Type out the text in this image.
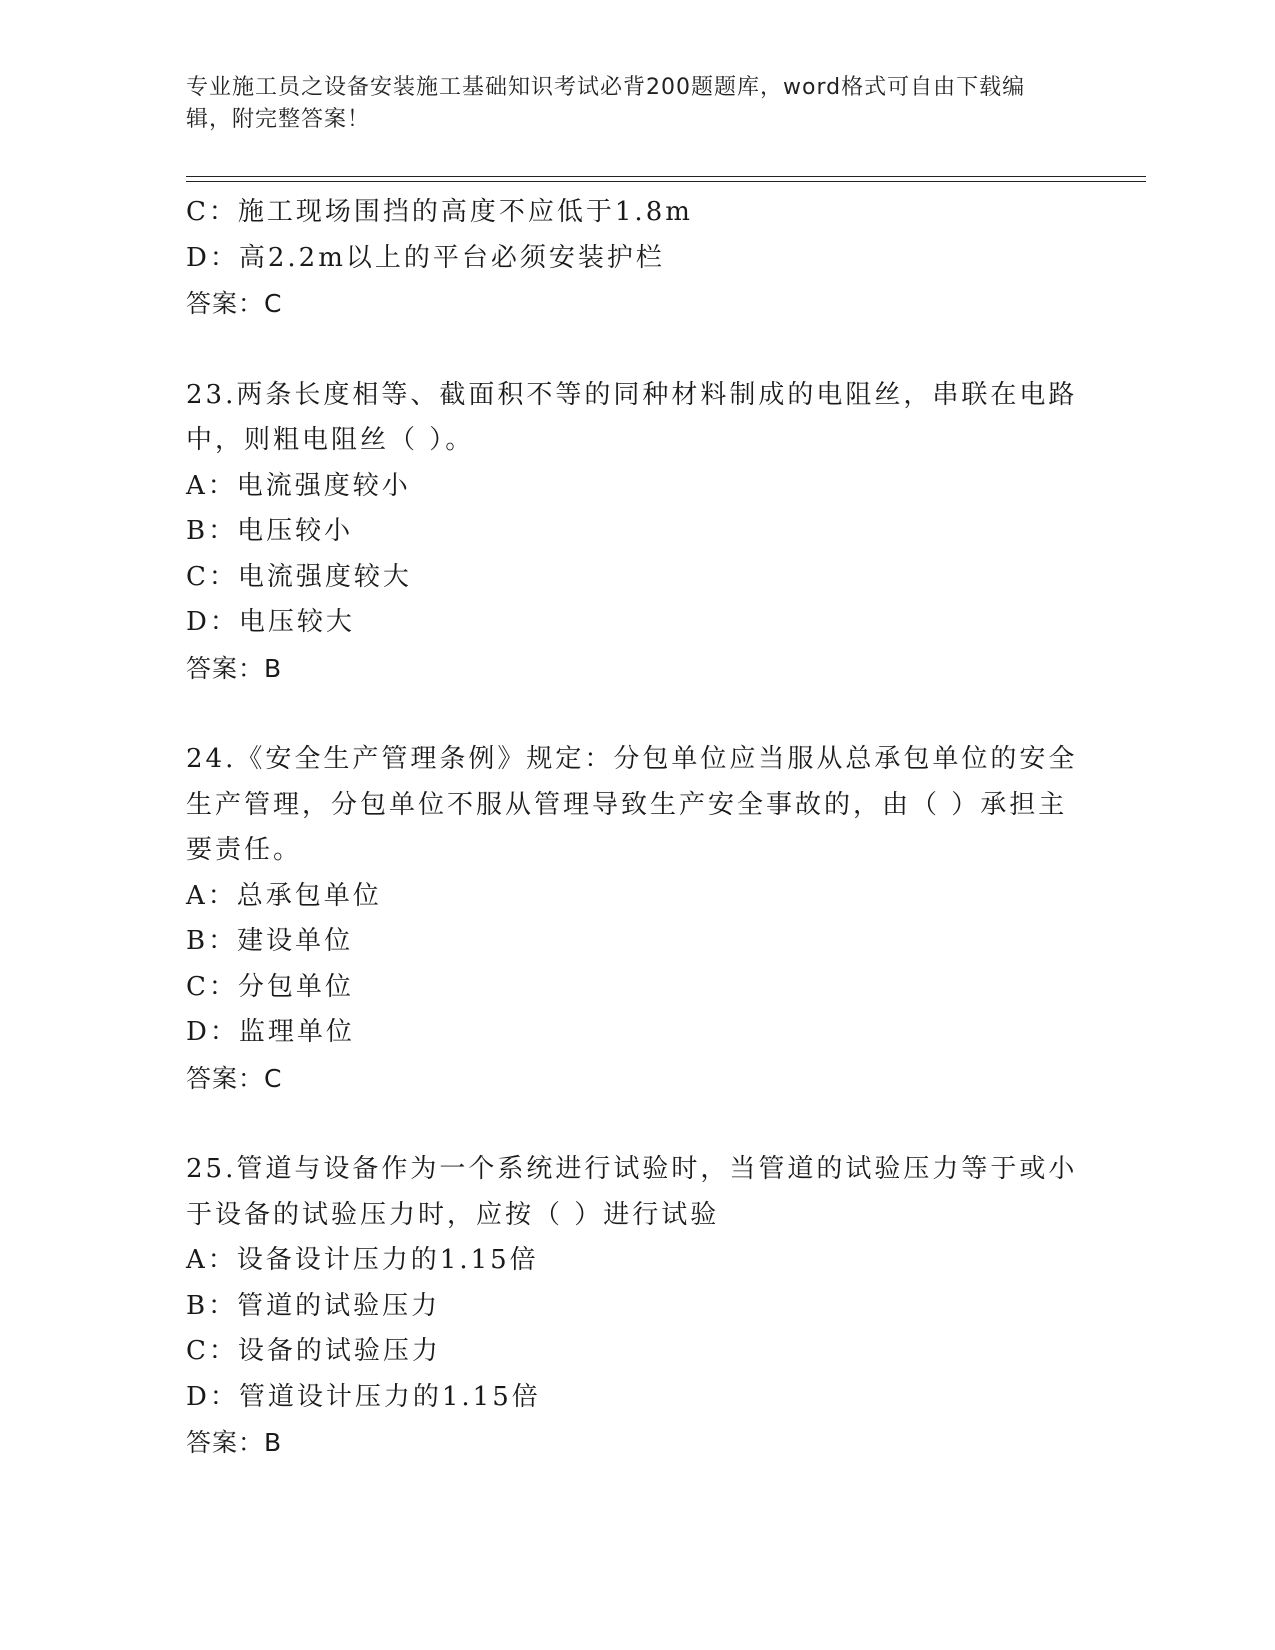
专业施工员之设备安装施工基础知识考试必背200题题库，word格式可自由下载编辑，附完整答案！
C：施工现场围挡的高度不应低于1.8m
D：高2.2m以上的平台必须安装护栏
答案：C
23.两条长度相等、截面积不等的同种材料制成的电阻丝，串联在电路
中，则粗电阻丝（ ）。
A：电流强度较小
B：电压较小
C：电流强度较大
D：电压较大
答案：B
24.《安全生产管理条例》规定：分包单位应当服从总承包单位的安全
生产管理，分包单位不服从管理导致生产安全事故的，由（ ）承担主
要责任。
A：总承包单位
B：建设单位
C：分包单位
D：监理单位
答案：C
25.管道与设备作为一个系统进行试验时，当管道的试验压力等于或小
于设备的试验压力时，应按（ ）进行试验
A：设备设计压力的1.15倍
B：管道的试验压力
C：设备的试验压力
D：管道设计压力的1.15倍
答案：B
